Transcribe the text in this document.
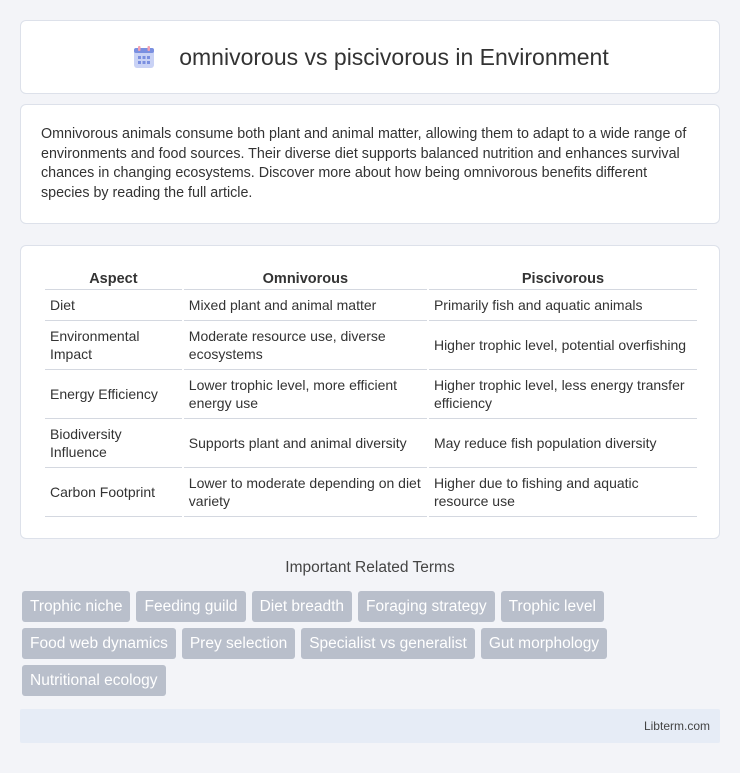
omnivorous vs piscivorous in Environment

Omnivorous animals consume both plant and animal matter, allowing them to adapt to a wide range of environments and food sources. Their diverse diet supports balanced nutrition and enhances survival chances in changing ecosystems. Discover more about how being omnivorous benefits different species by reading the full article.

Aspect	Omnivorous	Piscivorous
Diet	Mixed plant and animal matter	Primarily fish and aquatic animals
Environmental Impact	Moderate resource use, diverse ecosystems	Higher trophic level, potential overfishing
Energy Efficiency	Lower trophic level, more efficient energy use	Higher trophic level, less energy transfer efficiency
Biodiversity Influence	Supports plant and animal diversity	May reduce fish population diversity
Carbon Footprint	Lower to moderate depending on diet variety	Higher due to fishing and aquatic resource use
Important Related Terms
Trophic niche	Feeding guild	Diet breadth	Foraging strategy	Trophic level
Food web dynamics	Prey selection	Specialist vs generalist	Gut morphology
Nutritional ecology
Libterm.com
